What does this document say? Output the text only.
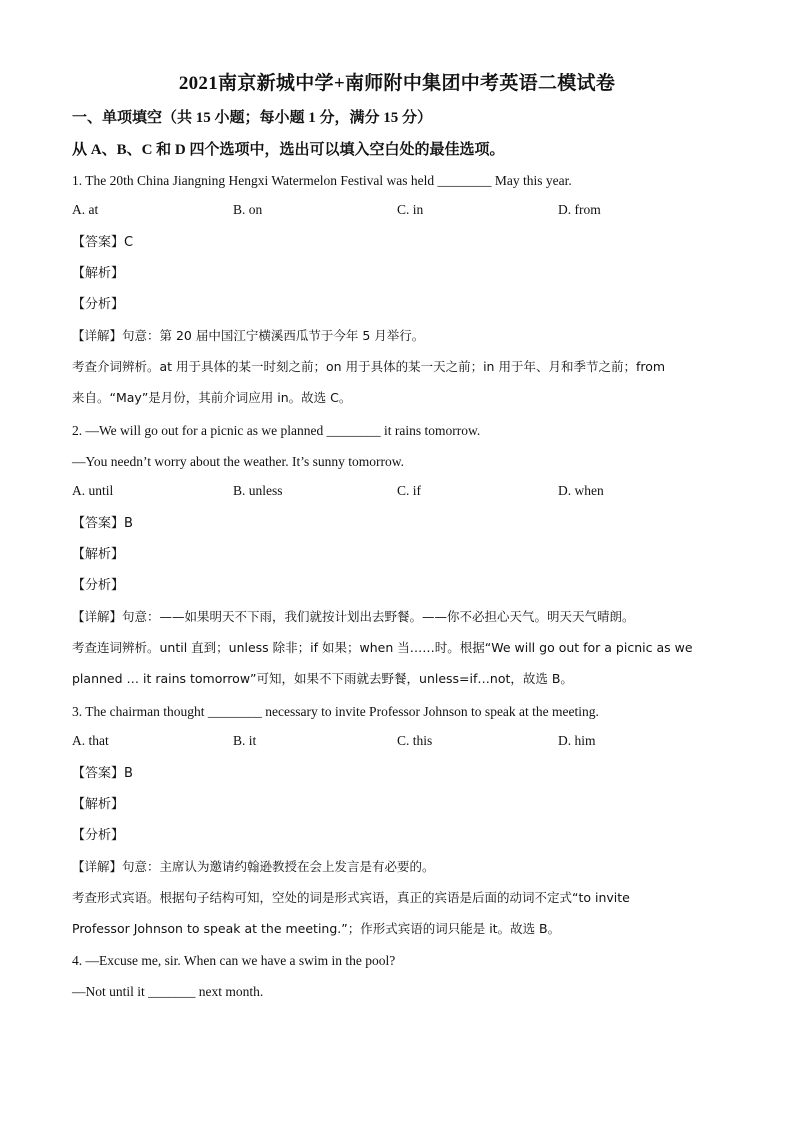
2021南京新城中学+南师附中集团中考英语二模试卷
一、单项填空（共 15 小题；每小题 1 分，满分 15 分）
从 A、B、C 和 D 四个选项中，选出可以填入空白处的最佳选项。
1. The 20th China Jiangning Hengxi Watermelon Festival was held ________ May this year.
A. at	B. on	C. in	D. from
【答案】C
【解析】
【分析】
【详解】句意：第 20 届中国江宁横溪西瓜节于今年 5 月举行。
考查介词辨析。at 用于具体的某一时刻之前；on 用于具体的某一天之前；in 用于年、月和季节之前；from
来自。“May”是月份，其前介词应用 in。故选 C。
2. —We will go out for a picnic as we planned ________ it rains tomorrow.
—You needn’t worry about the weather. It’s sunny tomorrow.
A. until	B. unless	C. if	D. when
【答案】B
【解析】
【分析】
【详解】句意：——如果明天不下雨，我们就按计划出去野餐。——你不必担心天气。明天天气晴朗。
考查连词辨析。until 直到；unless 除非；if 如果；when 当……时。根据“We will go out for a picnic as we
planned … it rains tomorrow”可知，如果不下雨就去野餐，unless=if…not，故选 B。
3. The chairman thought ________ necessary to invite Professor Johnson to speak at the meeting.
A. that	B. it	C. this	D. him
【答案】B
【解析】
【分析】
【详解】句意：主席认为邀请约翰逊教授在会上发言是有必要的。
考查形式宾语。根据句子结构可知，空处的词是形式宾语，真正的宾语是后面的动词不定式“to invite
Professor Johnson to speak at the meeting.”；作形式宾语的词只能是 it。故选 B。
4. —Excuse me, sir. When can we have a swim in the pool?
—Not until it _______ next month.
